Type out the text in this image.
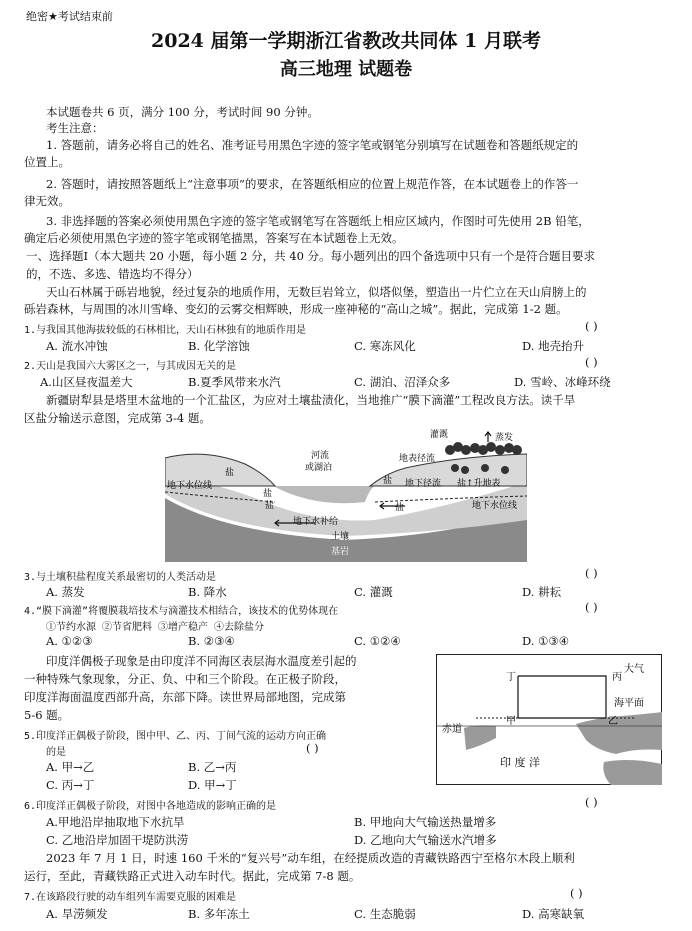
绝密★考试结束前
2024 届第一学期浙江省教改共同体 1 月联考
高三地理 试题卷
本试题卷共 6 页，满分 100 分，考试时间 90 分钟。
考生注意：
1. 答题前，请务必将自己的姓名、准考证号用黑色字迹的签字笔或钢笔分别填写在试题卷和答题纸规定的
位置上。
2. 答题时，请按照答题纸上“注意事项”的要求，在答题纸相应的位置上规范作答，在本试题卷上的作答一
律无效。
3. 非选择题的答案必须使用黑色字迹的签字笔或钢笔写在答题纸上相应区域内，作图时可先使用 2B 铅笔，
确定后必须使用黑色字迹的签字笔或钢笔描黑，答案写在本试题卷上无效。
一、选择题Ⅰ（本大题共 20 小题，每小题 2 分，共 40 分。每小题列出的四个备选项中只有一个是符合题目要求
的，不选、多选、错选均不得分）
天山石林属于砾岩地貌，经过复杂的地质作用，无数巨岩耸立，似塔似堡，塑造出一片伫立在天山肩膀上的
砾岩森林，与周围的冰川雪峰、变幻的云雾交相辉映，形成一座神秘的“高山之城”。据此，完成第 1-2 题。
1.与我国其他海拔较低的石林相比，天山石林独有的地质作用是	( )
A. 流水冲蚀	B. 化学溶蚀	C. 寒冻风化	D. 地壳抬升
2.天山是我国六大雾区之一，与其成因无关的是	( )
A.山区昼夜温差大	B.夏季风带来水汽	C. 湖泊、沼泽众多	D. 雪岭、冰峰环绕
新疆尉犁县是塔里木盆地的一个汇盐区，为应对土壤盐渍化，当地推广“膜下滴灌”工程改良方法。读千旱
区盐分输送示意图，完成第 3-4 题。
灌溉	蒸发
地表径流
河流
或湖泊
地下水位线
地下水位线
盐
盐
盐 地下径流 盐↑升地表
盐	盐
地下水补给
土壤
基岩
3.与土壤积盐程度关系最密切的人类活动是	( )
A. 蒸发	B. 降水	C. 灌溉	D. 耕耘
4.“膜下滴灌”将覆膜栽培技术与滴灌技术相结合，该技术的优势体现在	( )
①节约水源 ②节省肥料 ③增产稳产 ④去除盐分
A. ①②③	B. ②③④	C. ①②④	D. ①③④
印度洋偶极子现象是由印度洋不同海区表层海水温度差引起的
一种特殊气象现象，分正、负、中和三个阶段。在正极子阶段，
印度洋海面温度西部升高，东部下降。读世界局部地图，完成第
5-6 题。
大气
丁	丙
甲	乙
海平面
赤道
印 度 洋
5.印度洋正偶极子阶段，图中甲、乙、丙、丁间气流的运动方向正确
的是	( )
A. 甲→乙	B. 乙→丙
C. 丙→丁	D. 甲→丁
6.印度洋正偶极子阶段，对图中各地造成的影响正确的是	( )
A.甲地沿岸抽取地下水抗旱	B. 甲地向大气输送热量增多
C. 乙地沿岸加固干堤防洪涝	D. 乙地向大气输送水汽增多
2023 年 7 月 1 日，时速 160 千米的“复兴号”动车组，在经提质改造的青藏铁路西宁至格尔木段上顺利
运行，至此，青藏铁路正式进入动车时代。据此，完成第 7-8 题。
7.在该路段行驶的动车组列车需要克服的困难是	( )
A. 旱涝频发	B. 多年冻土	C. 生态脆弱	D. 高寒缺氧
